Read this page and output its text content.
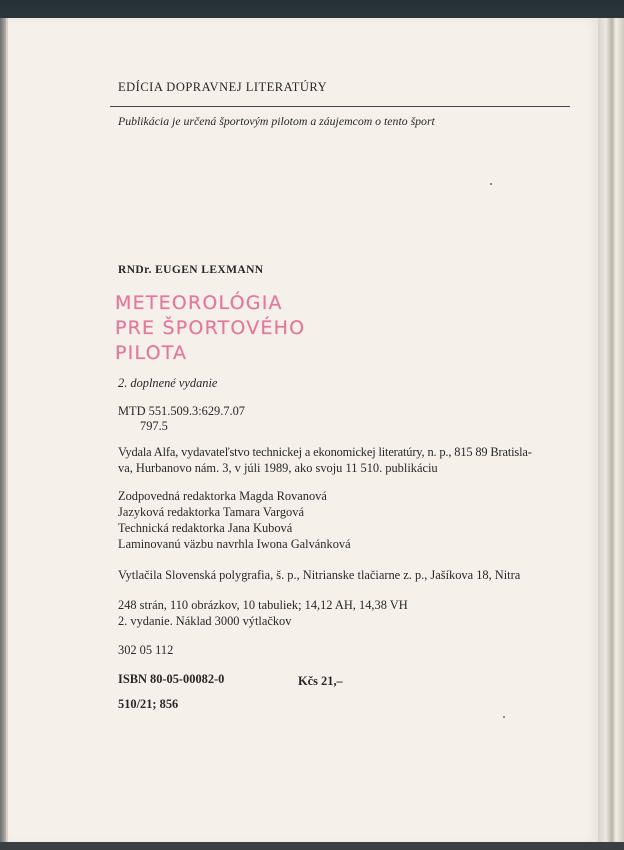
EDÍCIA DOPRAVNEJ LITERATÚRY
Publikácia je určená športovým pilotom a záujemcom o tento šport
RNDr. EUGEN LEXMANN
METEOROLÓGIA
PRE ŠPORTOVÉHO
PILOTA
2. doplnené vydanie
MTD 551.509.3:629.7.07
797.5
Vydala Alfa, vydavateľstvo technickej a ekonomickej literatúry, n. p., 815 89 Bratisla-
va, Hurbanovo nám. 3, v júli 1989, ako svoju 11 510. publikáciu
Zodpovedná redaktorka Magda Rovanová
Jazyková redaktorka Tamara Vargová
Technická redaktorka Jana Kubová
Laminovanú väzbu navrhla Iwona Galvánková
Vytlačila Slovenská polygrafia, š. p., Nitrianske tlačiarne z. p., Jašíkova 18, Nitra
248 strán, 110 obrázkov, 10 tabuliek; 14,12 AH, 14,38 VH
2. vydanie. Náklad 3000 výtlačkov
302 05 112
ISBN 80-05-00082-0	Kčs 21,–
510/21; 856
